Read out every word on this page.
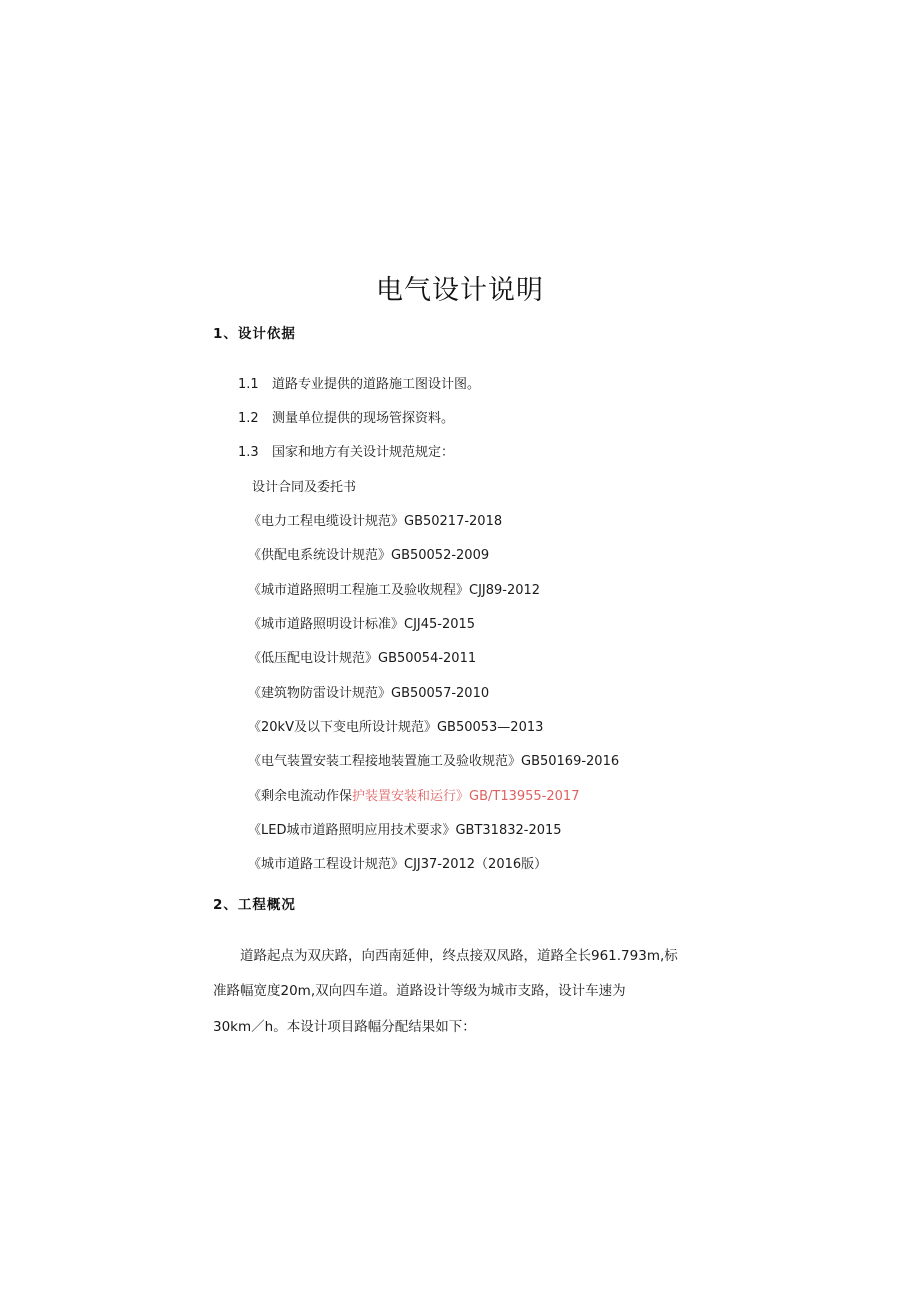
电气设计说明
1、设计依据
1.1 道路专业提供的道路施工图设计图。
1.2 测量单位提供的现场管探资料。
1.3 国家和地方有关设计规范规定：
设计合同及委托书
《电力工程电缆设计规范》GB50217-2018
《供配电系统设计规范》GB50052-2009
《城市道路照明工程施工及验收规程》CJJ89-2012
《城市道路照明设计标准》CJJ45-2015
《低压配电设计规范》GB50054-2011
《建筑物防雷设计规范》GB50057-2010
《20kV及以下变电所设计规范》GB50053—2013
《电气装置安装工程接地装置施工及验收规范》GB50169-2016
《剩余电流动作保护装置安装和运行》GB/T13955-2017
《LED城市道路照明应用技术要求》GBT31832-2015
《城市道路工程设计规范》CJJ37-2012（2016版）
2、工程概况
道路起点为双庆路，向西南延伸，终点接双凤路，道路全长961.793m,标
准路幅宽度20m,双向四车道。道路设计等级为城市支路，设计车速为
30km／h。本设计项目路幅分配结果如下：
